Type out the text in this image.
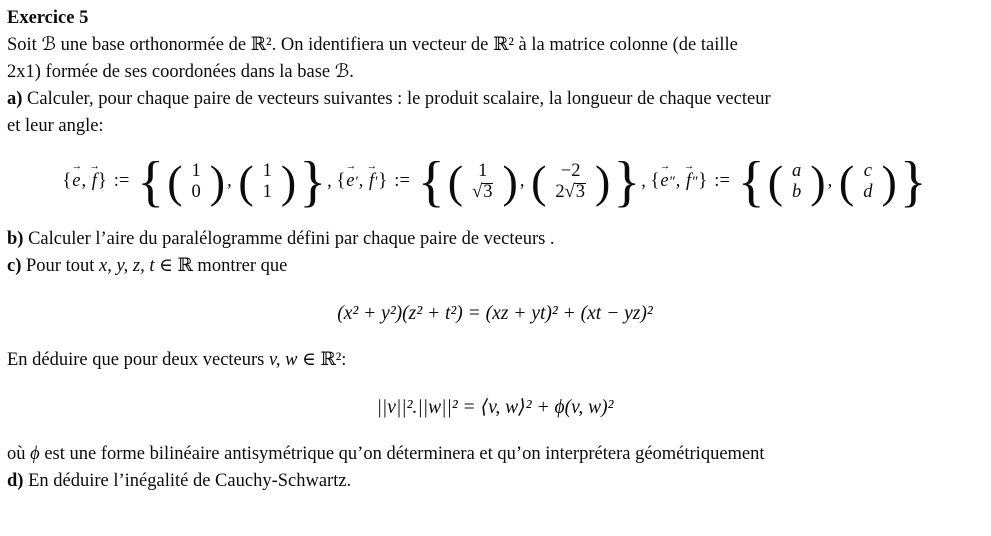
Exercice 5
Soit ℬ une base orthonormée de ℝ². On identifiera un vecteur de ℝ² à la matrice colonne (de taille
2x1) formée de ses coordonées dans la base ℬ.
a) Calculer, pour chaque paire de vecteurs suivantes : le produit scalaire, la longueur de chaque vecteur
et leur angle:
{
→
e,
→
f} := { ( 1
0 ) , ( 1
1 ) }, {
→
e′,
→
f′} := { ( 1
√3 ) , ( −2
2√3 ) }, {
→
e″,
→
f″} := { ( a
b ) , ( c
d ) }
b) Calculer l’aire du paralélogramme défini par chaque paire de vecteurs .
c) Pour tout x, y, z, t ∈ ℝ montrer que
(x² + y²)(z² + t²) = (xz + yt)² + (xt − yz)²
En déduire que pour deux vecteurs v, w ∈ ℝ²:
||v||².||w||² = ⟨v, w⟩² + ϕ(v, w)²
où ϕ est une forme bilinéaire antisymétrique qu’on déterminera et qu’on interprétera géométriquement
d) En déduire l’inégalité de Cauchy-Schwartz.
